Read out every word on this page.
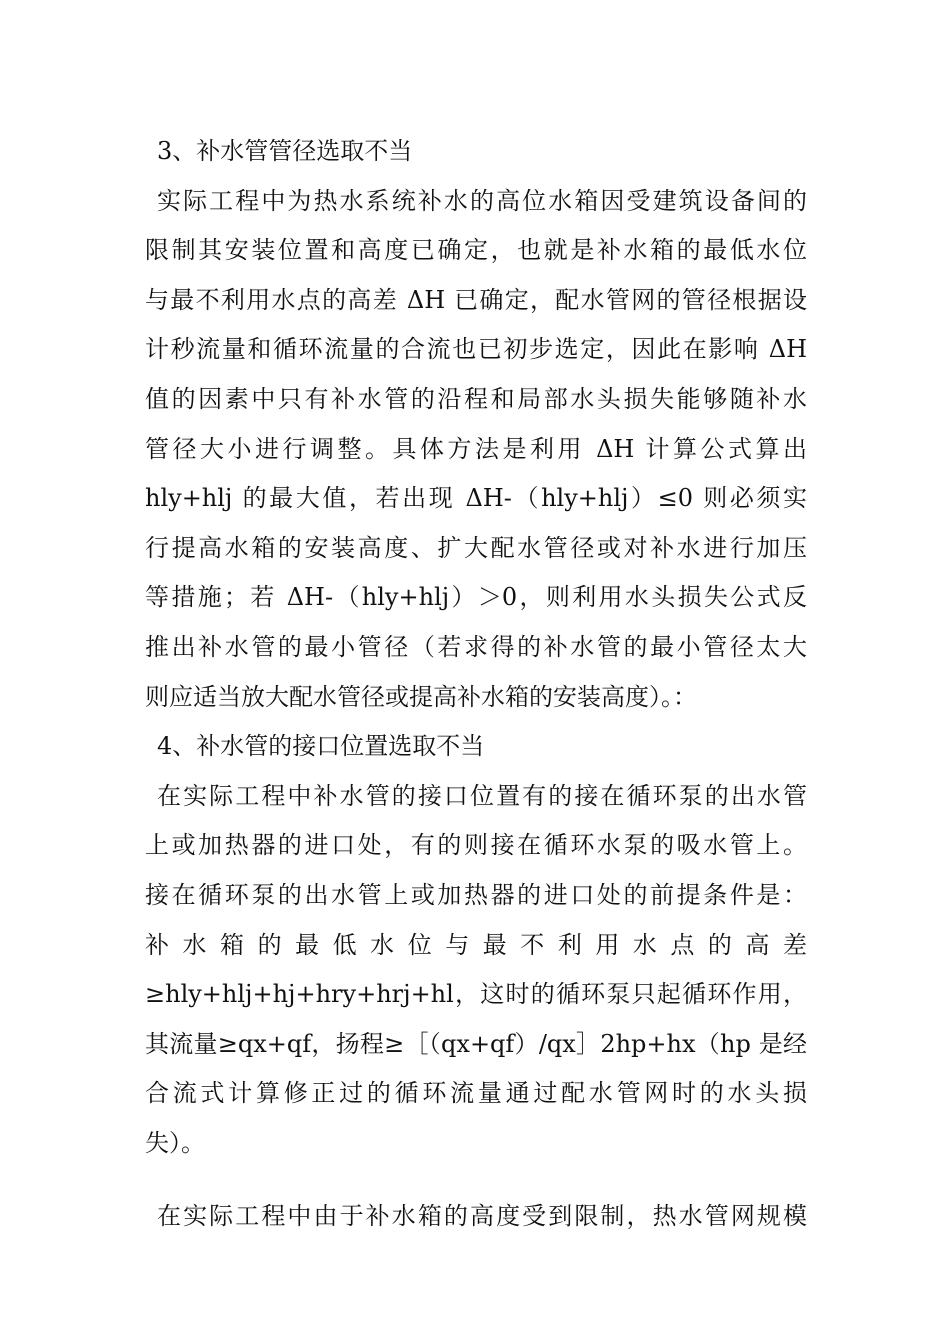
3、补水管管径选取不当
实际工程中为热水系统补水的高位水箱因受建筑设备间的
限制其安装位置和高度已确定，也就是补水箱的最低水位
与最不利用水点的高差 ΔH 已确定，配水管网的管径根据设
计秒流量和循环流量的合流也已初步选定，因此在影响 ΔH
值的因素中只有补水管的沿程和局部水头损失能够随补水
管径大小进行调整。具体方法是利用 ΔH 计算公式算出
hly+hlj 的最大值，若出现 ΔH-（hly+hlj）≤0 则必须实
行提高水箱的安装高度、扩大配水管径或对补水进行加压
等措施；若 ΔH-（hly+hlj）＞0，则利用水头损失公式反
推出补水管的最小管径（若求得的补水管的最小管径太大
则应适当放大配水管径或提高补水箱的安装高度）。：
4、补水管的接口位置选取不当
在实际工程中补水管的接口位置有的接在循环泵的出水管
上或加热器的进口处，有的则接在循环水泵的吸水管上。
接在循环泵的出水管上或加热器的进口处的前提条件是：
补 水 箱 的 最 低 水 位 与 最 不 利 用 水 点 的 高 差
≥hly+hlj+hj+hry+hrj+hl，这时的循环泵只起循环作用，
其流量≥qx+qf，扬程≥［（qx+qf）/qx］2hp+hx（hp 是经
合流式计算修正过的循环流量通过配水管网时的水头损
失）。
在实际工程中由于补水箱的高度受到限制，热水管网规模
